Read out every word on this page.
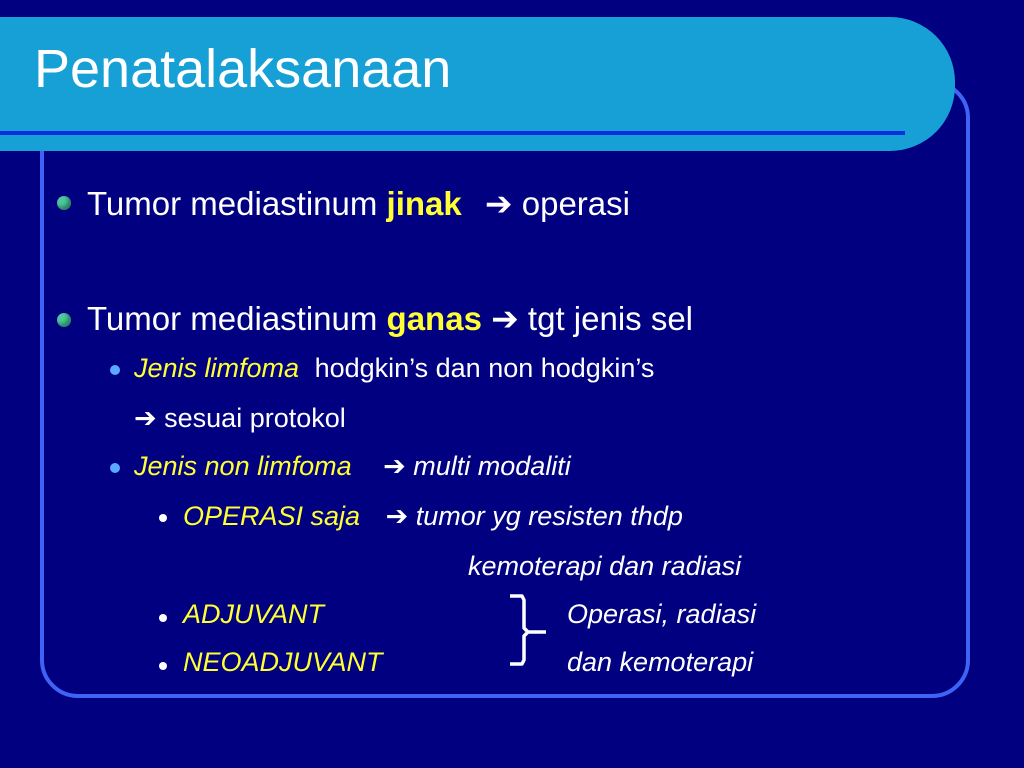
Penatalaksanaan
Tumor mediastinum jinak ➔ operasi
Tumor mediastinum ganas ➔ tgt jenis sel
Jenis limfoma hodgkin’s dan non hodgkin’s
➔ sesuai protokol
Jenis non limfoma ➔ multi modaliti
OPERASI saja ➔ tumor yg resisten thdp
kemoterapi dan radiasi
ADJUVANT	Operasi, radiasi
NEOADJUVANT	dan kemoterapi
